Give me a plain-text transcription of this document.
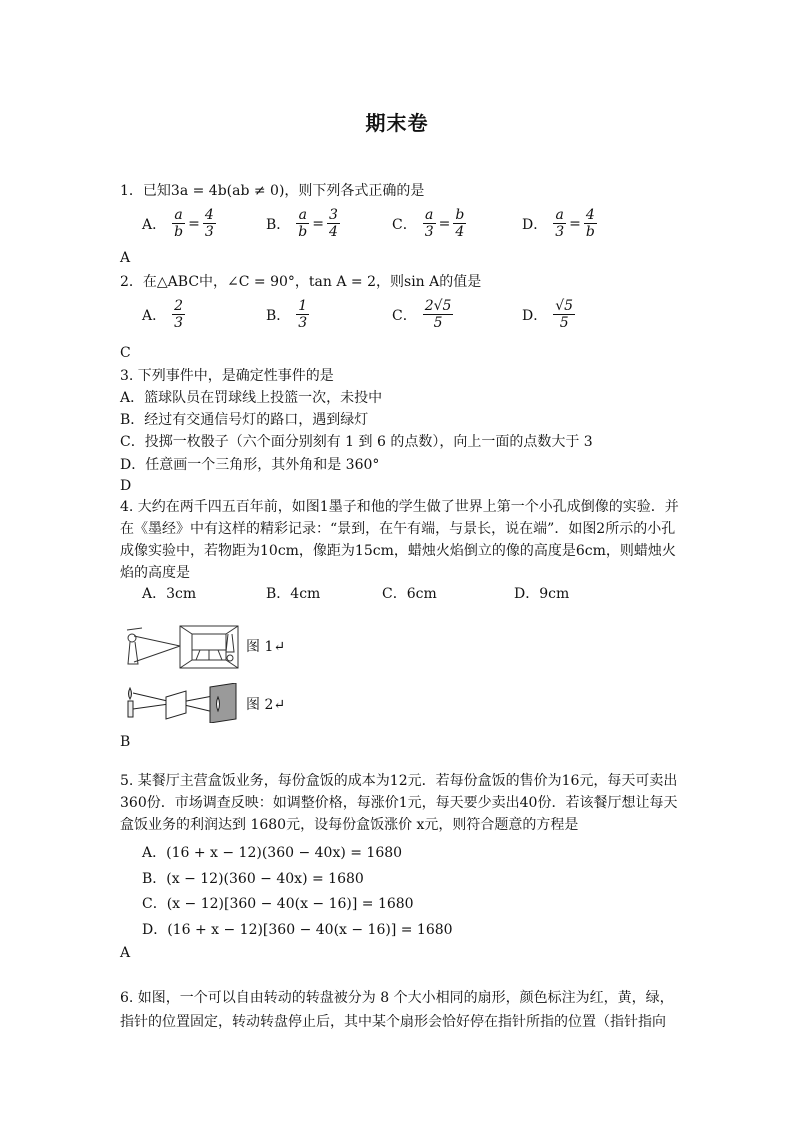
期末卷
1．已知3a = 4b(ab ≠ 0)，则下列各式正确的是
A． $\frac{a}{b} = \frac{4}{3}$	B． $\frac{a}{b} = \frac{3}{4}$	C． $\frac{a}{3} = \frac{b}{4}$	D． $\frac{a}{3} = \frac{4}{b}$
A
2．在△ABC中，∠C = 90°，tan A = 2，则sin A的值是
A． $\frac{2}{3}$	B． $\frac{1}{3}$	C． $\frac{2√5}{5}$	D． $\frac{√5}{5}$
C
3. 下列事件中，是确定性事件的是
A．篮球队员在罚球线上投篮一次，未投中
B．经过有交通信号灯的路口，遇到绿灯
C．投掷一枚骰子（六个面分别刻有 1 到 6 的点数），向上一面的点数大于 3
D．任意画一个三角形，其外角和是 360°
D
4. 大约在两千四五百年前，如图1墨子和他的学生做了世界上第一个小孔成倒像的实验．并在《墨经》中有这样的精彩记录：“景到，在午有端，与景长，说在端”．如图2所示的小孔成像实验中，若物距为10cm，像距为15cm，蜡烛火焰倒立的像的高度是6cm，则蜡烛火焰的高度是
A．3cm	B．4cm	C．6cm	D．9cm
图 1↵
图 2↵
B
5. 某餐厅主营盒饭业务，每份盒饭的成本为12元．若每份盒饭的售价为16元，每天可卖出360份．市场调查反映：如调整价格，每涨价1元，每天要少卖出40份．若该餐厅想让每天盒饭业务的利润达到 1680元，设每份盒饭涨价 x元，则符合题意的方程是
A．(16 + x − 12)(360 − 40x) = 1680
B．(x − 12)(360 − 40x) = 1680
C．(x − 12)[360 − 40(x − 16)] = 1680
D．(16 + x − 12)[360 − 40(x − 16)] = 1680
A
6. 如图，一个可以自由转动的转盘被分为 8 个大小相同的扇形，颜色标注为红，黄，绿，指针的位置固定，转动转盘停止后，其中某个扇形会恰好停在指针所指的位置（指针指向
